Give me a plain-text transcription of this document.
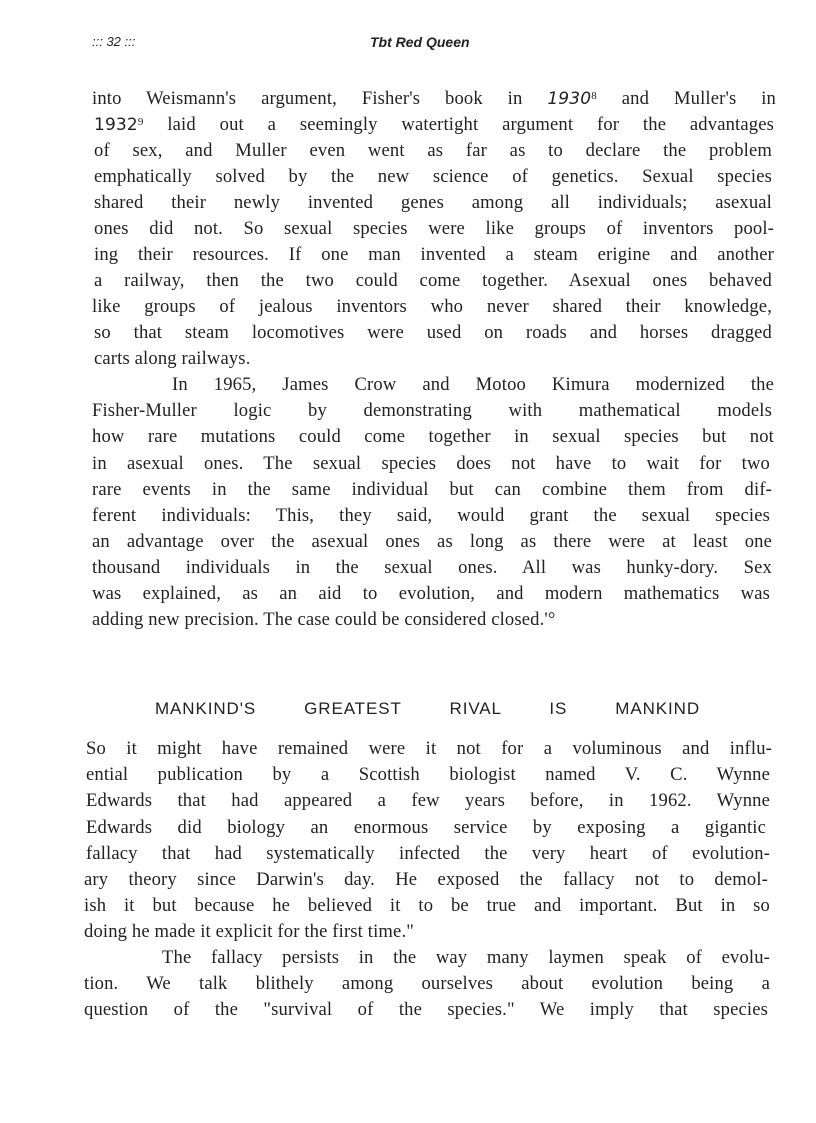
::: 32 :::	Tbt Red Queen
into Weismann's argument, Fisher's book in 1930$^8$ and Muller's in
1932$^9$ laid out a seemingly watertight argument for the advantages
of sex, and Muller even went as far as to declare the problem
emphatically solved by the new science of genetics. Sexual species
shared their newly invented genes among all individuals; asexual
ones did not. So sexual species were like groups of inventors pool-
ing their resources. If one man invented a steam erigine and another
a railway, then the two could come together. Asexual ones behaved
like groups of jealous inventors who never shared their knowledge,
so that steam locomotives were used on roads and horses dragged
carts along railways.
In 1965, James Crow and Motoo Kimura modernized the
Fisher-Muller logic by demonstrating with mathematical models
how rare mutations could come together in sexual species but not
in asexual ones. The sexual species does not have to wait for two
rare events in the same individual but can combine them from dif-
ferent individuals: This, they said, would grant the sexual species
an advantage over the asexual ones as long as there were at least one
thousand individuals in the sexual ones. All was hunky-dory. Sex
was explained, as an aid to evolution, and modern mathematics was
adding new precision. The case could be considered closed.'°
MANKIND'S GREATEST RIVAL IS MANKIND
So it might have remained were it not for a voluminous and influ-
ential publication by a Scottish biologist named V. C. Wynne
Edwards that had appeared a few years before, in 1962. Wynne
Edwards did biology an enormous service by exposing a gigantic
fallacy that had systematically infected the very heart of evolution-
ary theory since Darwin's day. He exposed the fallacy not to demol-
ish it but because he believed it to be true and important. But in so
doing he made it explicit for the first time."
The fallacy persists in the way many laymen speak of evolu-
tion. We talk blithely among ourselves about evolution being a
question of the "survival of the species." We imply that species
